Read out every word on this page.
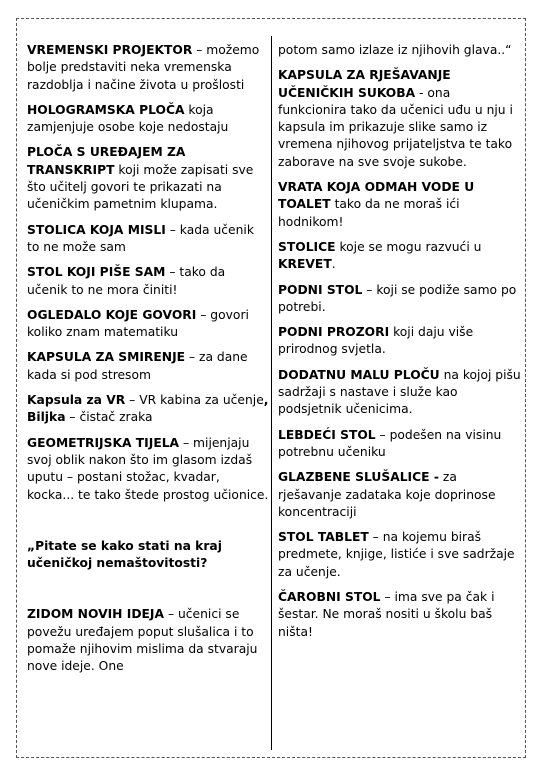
VREMENSKI PROJEKTOR – možemo bolje predstaviti neka vremenska razdoblja i načine života u prošlosti
HOLOGRAMSKA PLOČA koja zamjenjuje osobe koje nedostaju
PLOČA S UREĐAJEM ZA TRANSKRIPT koji može zapisati sve što učitelj govori te prikazati na učeničkim pametnim klupama.
STOLICA KOJA MISLI – kada učenik to ne može sam
STOL KOJI PIŠE SAM – tako da učenik to ne mora činiti!
OGLEDALO KOJE GOVORI – govori koliko znam matematiku
KAPSULA ZA SMIRENJE – za dane kada si pod stresom
Kapsula za VR – VR kabina za učenje, Biljka – čistač zraka
GEOMETRIJSKA TIJELA – mijenjaju svoj oblik nakon što im glasom izdaš uputu – postani stožac, kvadar, kocka... te tako štede prostog učionice.
„Pitate se kako stati na kraj učeničkoj nemaštovitosti?
ZIDOM NOVIH IDEJA – učenici se povežu uređajem poput slušalica i to pomaže njihovim mislima da stvaraju nove ideje. One
potom samo izlaze iz njihovih glava..“
KAPSULA ZA RJEŠAVANJE UČENIČKIH SUKOBA - ona funkcionira tako da učenici uđu u nju i kapsula im prikazuje slike samo iz vremena njihovog prijateljstva te tako zaborave na sve svoje sukobe.
VRATA KOJA ODMAH VODE U TOALET tako da ne moraš ići hodnikom!
STOLICE koje se mogu razvući u KREVET.
PODNI STOL – koji se podiže samo po potrebi.
PODNI PROZORI koji daju više prirodnog svjetla.
DODATNU MALU PLOČU na kojoj pišu sadržaji s nastave i služe kao podsjetnik učenicima.
LEBDEĆI STOL – podešen na visinu potrebnu učeniku
GLAZBENE SLUŠALICE - za rješavanje zadataka koje doprinose koncentraciji
STOL TABLET – na kojemu biraš predmete, knjige, listiće i sve sadržaje za učenje.
ČAROBNI STOL – ima sve pa čak i šestar. Ne moraš nositi u školu baš ništa!
